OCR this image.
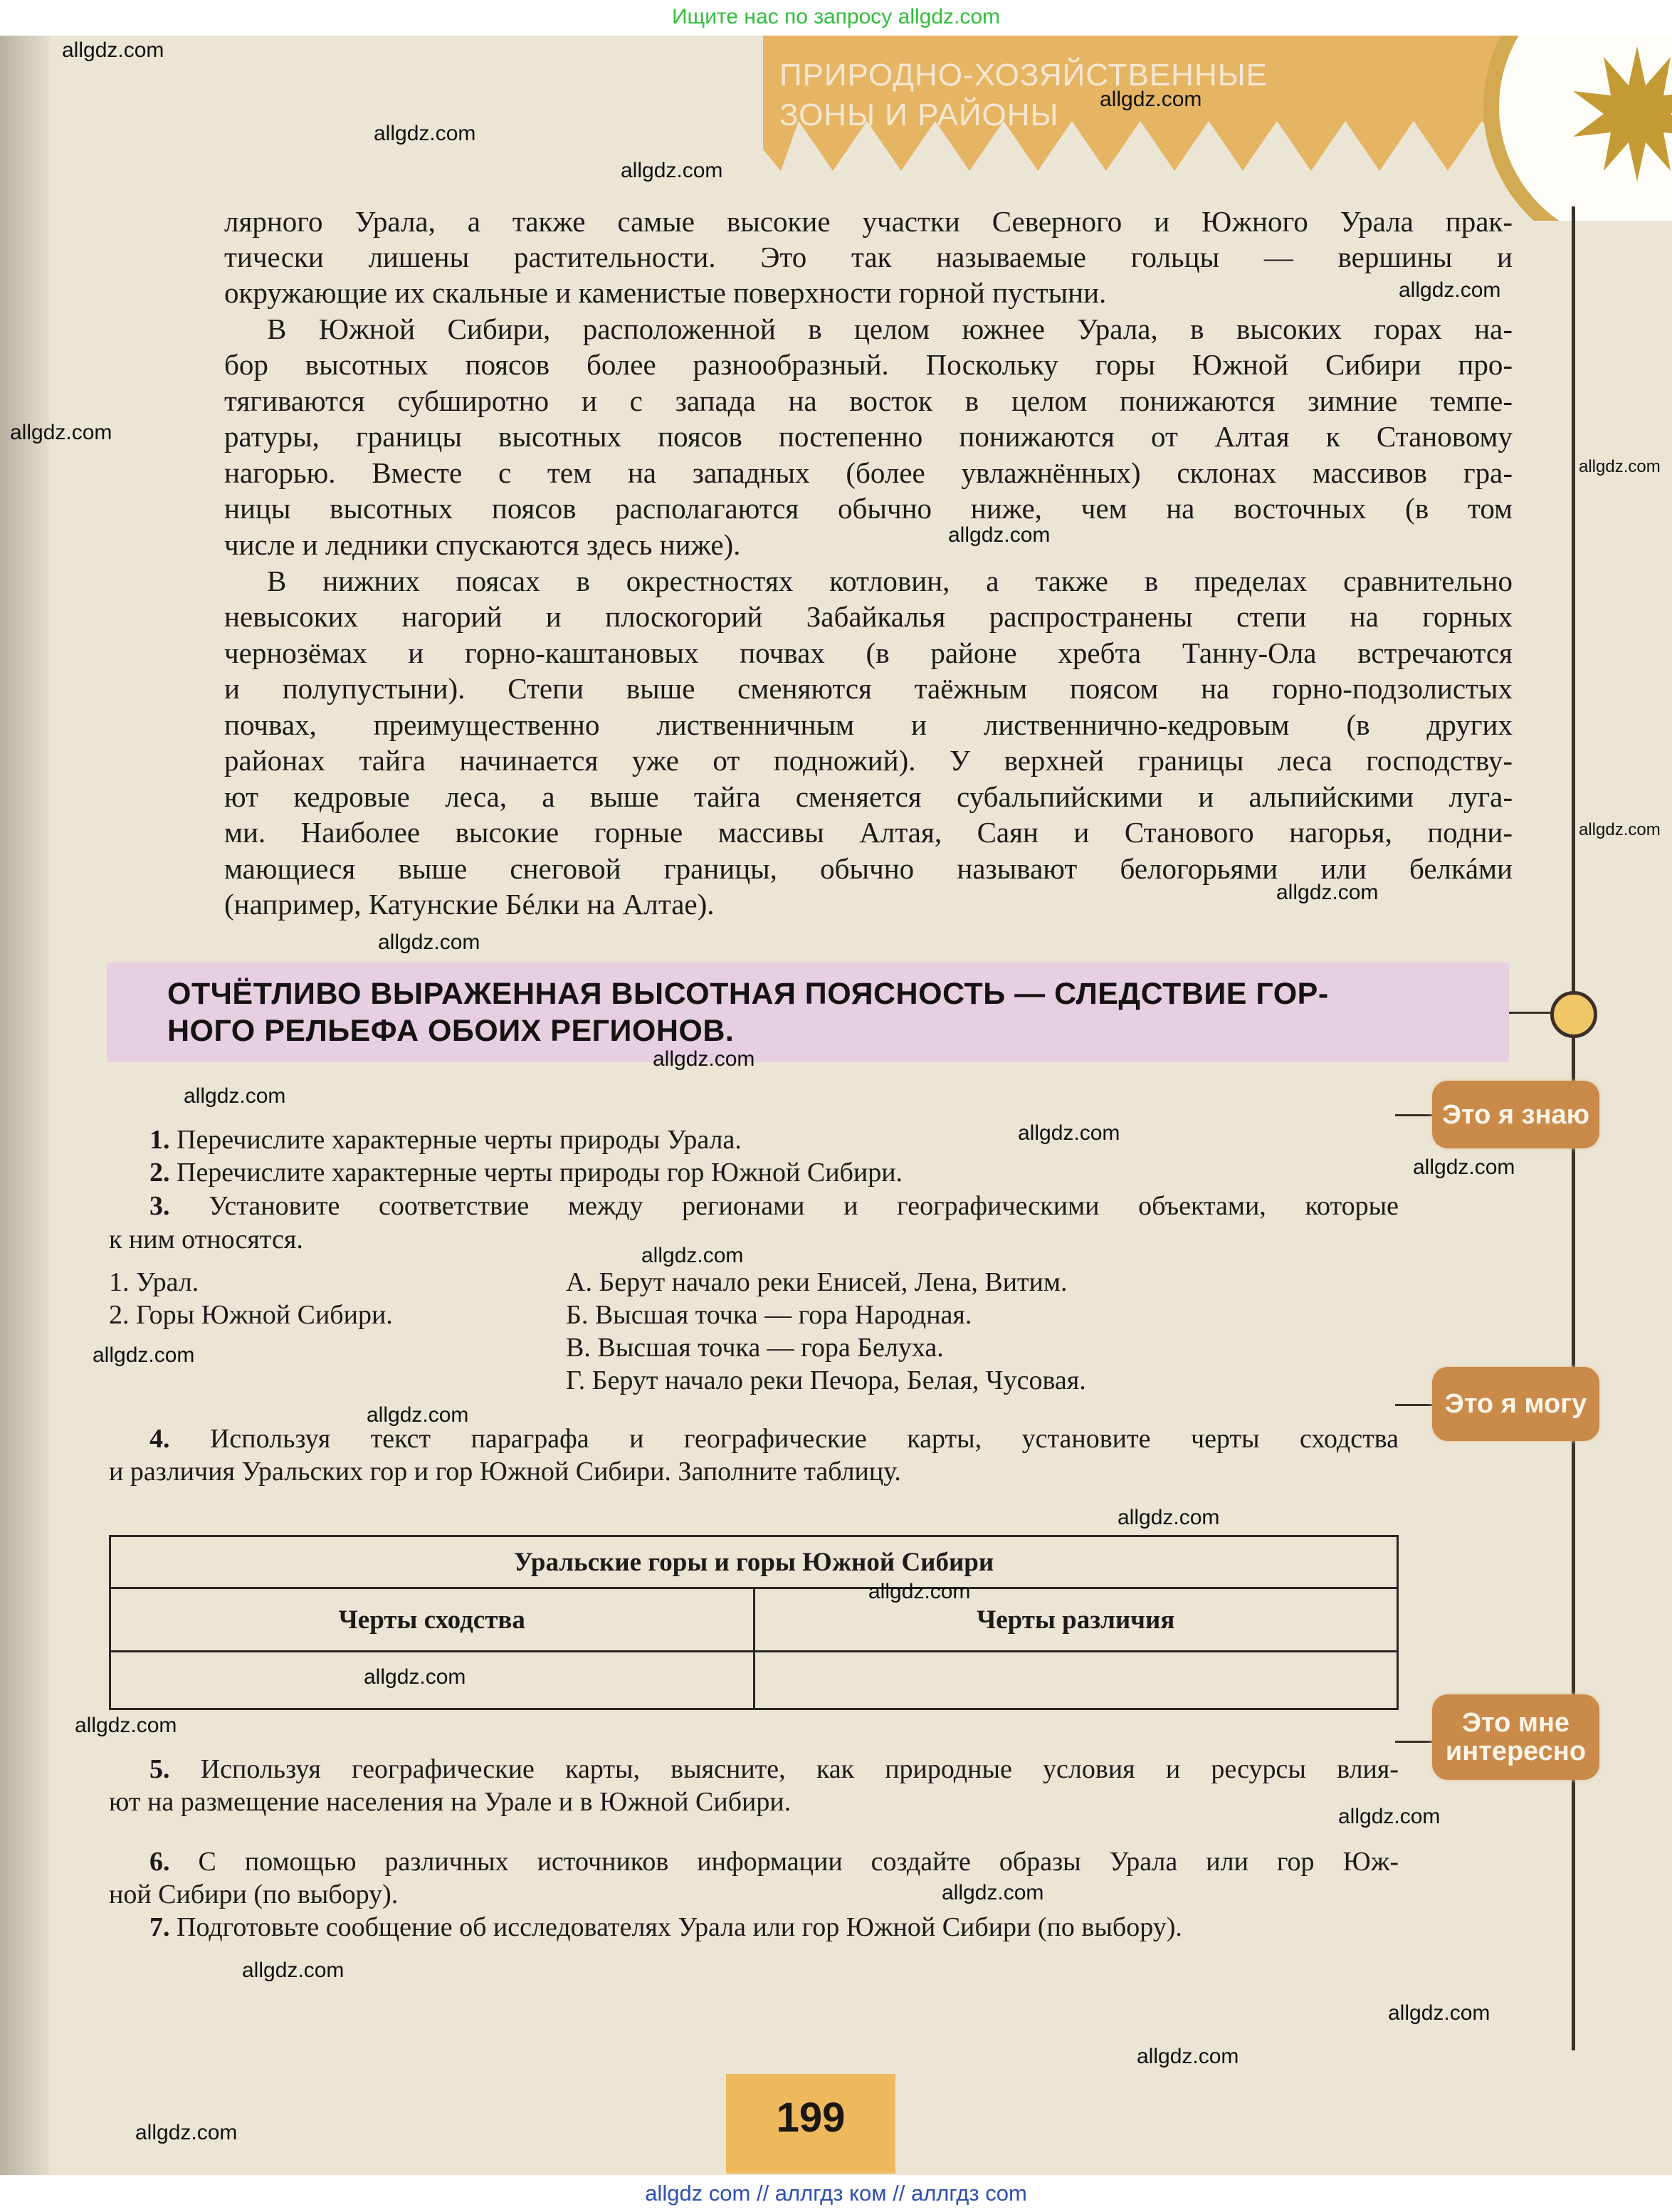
Ищите нас по запросу allgdz.com
ПРИРОДНО-ХОЗЯЙСТВЕННЫЕ
ЗОНЫ И РАЙОНЫ
лярного Урала, а также самые высокие участки Северного и Южного Урала прак-
тически лишены растительности. Это так называемые гольцы — вершины и
окружающие их скальные и каменистые поверхности горной пустыни.
В Южной Сибири, расположенной в целом южнее Урала, в высоких горах на-
бор высотных поясов более разнообразный. Поскольку горы Южной Сибири про-
тягиваются субширотно и с запада на восток в целом понижаются зимние темпе-
ратуры, границы высотных поясов постепенно понижаются от Алтая к Становому
нагорью. Вместе с тем на западных (более увлажнённых) склонах массивов гра-
ницы высотных поясов располагаются обычно ниже, чем на восточных (в том
числе и ледники спускаются здесь ниже).
В нижних поясах в окрестностях котловин, а также в пределах сравнительно
невысоких нагорий и плоскогорий Забайкалья распространены степи на горных
чернозёмах и горно-каштановых почвах (в районе хребта Танну-Ола встречаются
и полупустыни). Степи выше сменяются таёжным поясом на горно-подзолистых
почвах, преимущественно лиственничным и лиственнично-кедровым (в других
районах тайга начинается уже от подножий). У верхней границы леса господству-
ют кедровые леса, а выше тайга сменяется субальпийскими и альпийскими луга-
ми. Наиболее высокие горные массивы Алтая, Саян и Станового нагорья, подни-
мающиеся выше снеговой границы, обычно называют белогорьями или белкáми
(например, Катунские Бéлки на Алтае).
ОТЧЁТЛИВО ВЫРАЖЕННАЯ ВЫСОТНАЯ ПОЯСНОСТЬ — СЛЕДСТВИЕ ГОР-
НОГО РЕЛЬЕФА ОБОИХ РЕГИОНОВ.
Это я знаю
Это я могу
Это мне
интересно
1. Перечислите характерные черты природы Урала.
2. Перечислите характерные черты природы гор Южной Сибири.
3. Установите соответствие между регионами и географическими объектами, которые
к ним относятся.
1. Урал.
2. Горы Южной Сибири.
А. Берут начало реки Енисей, Лена, Витим.
Б. Высшая точка — гора Народная.
В. Высшая точка — гора Белуха.
Г. Берут начало реки Печора, Белая, Чусовая.
4. Используя текст параграфа и географические карты, установите черты сходства
и различия Уральских гор и гор Южной Сибири. Заполните таблицу.
Уральские горы и горы Южной Сибири	
Черты сходства	Черты различия

5. Используя географические карты, выясните, как природные условия и ресурсы влия-
ют на размещение населения на Урале и в Южной Сибири.
6. С помощью различных источников информации создайте образы Урала или гор Юж-
ной Сибири (по выбору).
7. Подготовьте сообщение об исследователях Урала или гор Южной Сибири (по выбору).
199
allgdz com // аллгдз ком // аллгдз com
allgdz.com
allgdz.com
allgdz.com
allgdz.com
allgdz.com
allgdz.com
allgdz.com
allgdz.com
allgdz.com
allgdz.com
allgdz.com
allgdz.com
allgdz.com
allgdz.com
allgdz.com
allgdz.com
allgdz.com
allgdz.com
allgdz.com
allgdz.com
allgdz.com
allgdz.com
allgdz.com
allgdz.com
allgdz.com
allgdz.com
allgdz.com
allgdz.com
